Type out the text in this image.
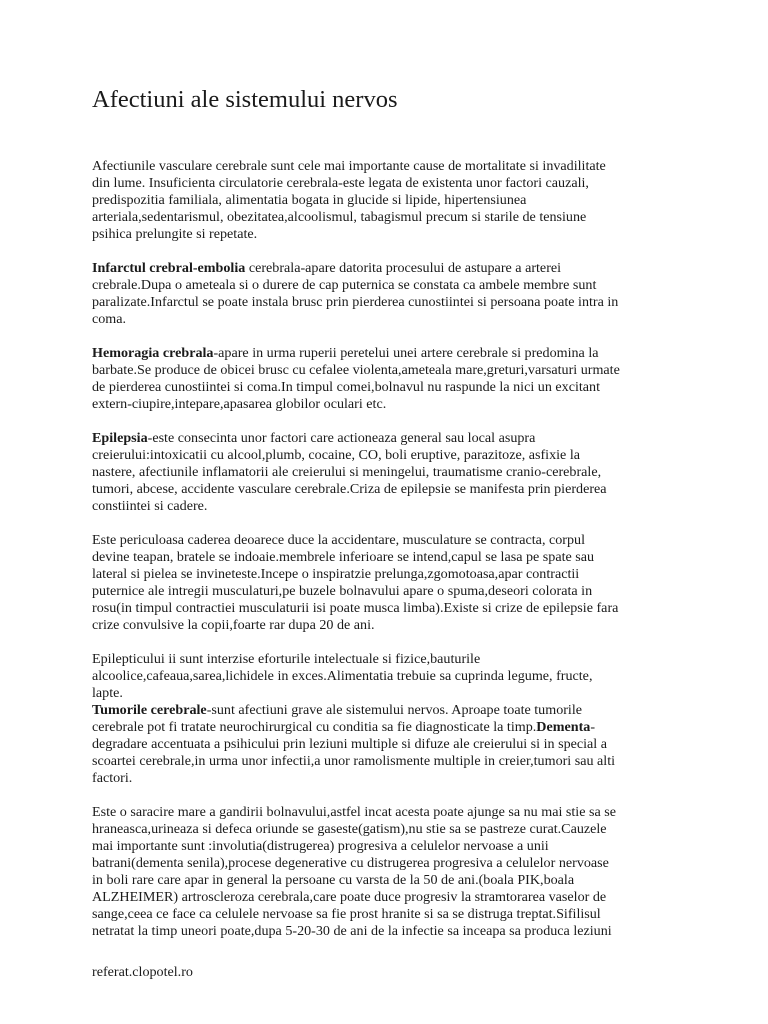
Afectiuni ale sistemului nervos
Afectiunile vasculare cerebrale sunt cele mai importante cause de mortalitate si invadilitate
din lume. Insuficienta circulatorie cerebrala-este legata de existenta unor factori cauzali,
predispozitia familiala, alimentatia bogata in glucide si lipide, hipertensiunea
arteriala,sedentarismul, obezitatea,alcoolismul, tabagismul precum si starile de tensiune
psihica prelungite si repetate.
Infarctul crebral-embolia cerebrala-apare datorita procesului de astupare a arterei
crebrale.Dupa o ameteala si o durere de cap puternica se constata ca ambele membre sunt
paralizate.Infarctul se poate instala brusc prin pierderea cunostiintei si persoana poate intra in
coma.
Hemoragia crebrala-apare in urma ruperii peretelui unei artere cerebrale si predomina la
barbate.Se produce de obicei brusc cu cefalee violenta,ameteala mare,greturi,varsaturi urmate
de pierderea cunostiintei si coma.In timpul comei,bolnavul nu raspunde la nici un excitant
extern-ciupire,intepare,apasarea globilor oculari etc.
Epilepsia-este consecinta unor factori care actioneaza general sau local asupra
creierului:intoxicatii cu alcool,plumb, cocaine, CO, boli eruptive, parazitoze, asfixie la
nastere, afectiunile inflamatorii ale creierului si meningelui, traumatisme cranio-cerebrale,
tumori, abcese, accidente vasculare cerebrale.Criza de epilepsie se manifesta prin pierderea
constiintei si cadere.
Este periculoasa caderea deoarece duce la accidentare, musculature se contracta, corpul
devine teapan, bratele se indoaie.membrele inferioare se intend,capul se lasa pe spate sau
lateral si pielea se invineteste.Incepe o inspiratzie prelunga,zgomotoasa,apar contractii
puternice ale intregii musculaturi,pe buzele bolnavului apare o spuma,deseori colorata in
rosu(in timpul contractiei musculaturii isi poate musca limba).Existe si crize de epilepsie fara
crize convulsive la copii,foarte rar dupa 20 de ani.
Epilepticului ii sunt interzise eforturile intelectuale si fizice,bauturile
alcoolice,cafeaua,sarea,lichidele in exces.Alimentatia trebuie sa cuprinda legume, fructe,
lapte.
Tumorile cerebrale-sunt afectiuni grave ale sistemului nervos. Aproape toate tumorile
cerebrale pot fi tratate neurochirurgical cu conditia sa fie diagnosticate la timp.Dementa-
degradare accentuata a psihicului prin leziuni multiple si difuze ale creierului si in special a
scoartei cerebrale,in urma unor infectii,a unor ramolismente multiple in creier,tumori sau alti
factori.
Este o saracire mare a gandirii bolnavului,astfel incat acesta poate ajunge sa nu mai stie sa se
hraneasca,urineaza si defeca oriunde se gaseste(gatism),nu stie sa se pastreze curat.Cauzele
mai importante sunt :involutia(distrugerea) progresiva a celulelor nervoase a unii
batrani(dementa senila),procese degenerative cu distrugerea progresiva a celulelor nervoase
in boli rare care apar in general la persoane cu varsta de la 50 de ani.(boala PIK,boala
ALZHEIMER) artroscleroza cerebrala,care poate duce progresiv la stramtorarea vaselor de
sange,ceea ce face ca celulele nervoase sa fie prost hranite si sa se distruga treptat.Sifilisul
netratat la timp uneori poate,dupa 5-20-30 de ani de la infectie sa inceapa sa produca leziuni
referat.clopotel.ro
